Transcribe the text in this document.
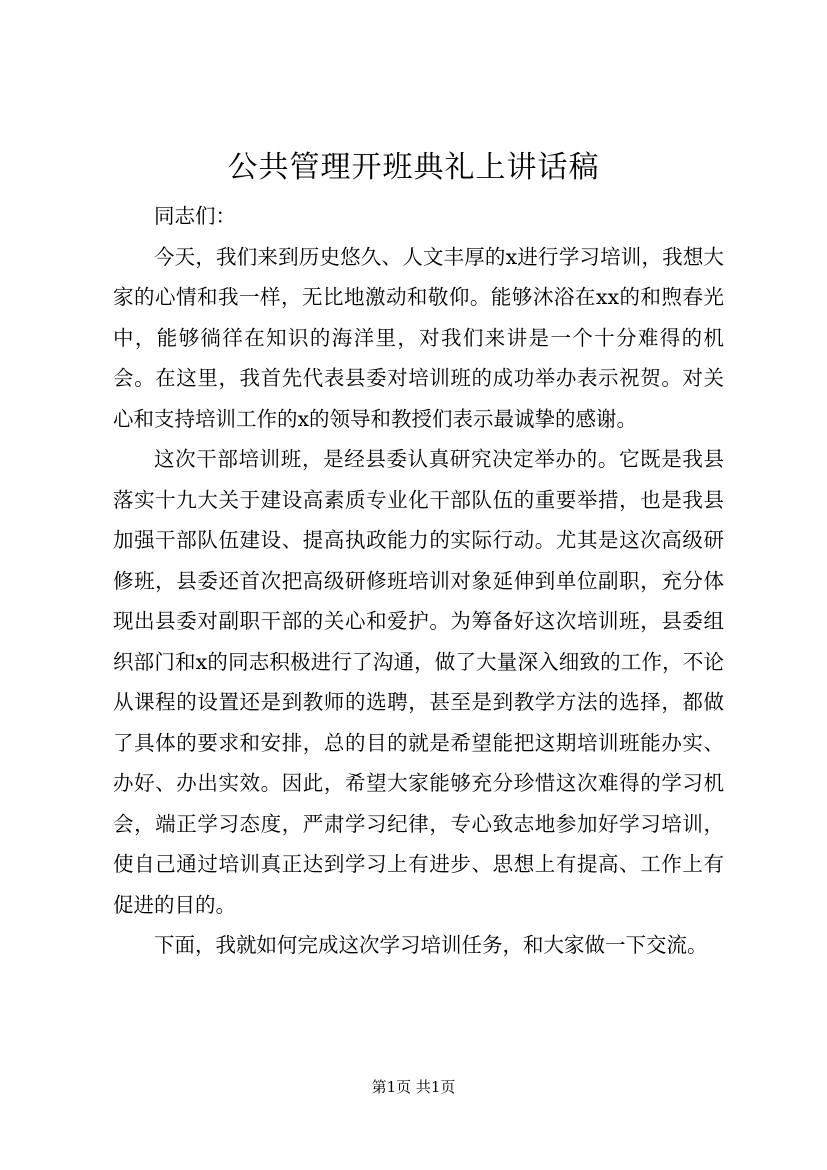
公共管理开班典礼上讲话稿

同志们：

今天，我们来到历史悠久、人文丰厚的x进行学习培训，我想大家的心情和我一样，无比地激动和敬仰。能够沐浴在xx的和煦春光中，能够徜徉在知识的海洋里，对我们来讲是一个十分难得的机会。在这里，我首先代表县委对培训班的成功举办表示祝贺。对关心和支持培训工作的x的领导和教授们表示最诚挚的感谢。

这次干部培训班，是经县委认真研究决定举办的。它既是我县落实十九大关于建设高素质专业化干部队伍的重要举措，也是我县加强干部队伍建设、提高执政能力的实际行动。尤其是这次高级研修班，县委还首次把高级研修班培训对象延伸到单位副职，充分体现出县委对副职干部的关心和爱护。为筹备好这次培训班，县委组织部门和x的同志积极进行了沟通，做了大量深入细致的工作，不论从课程的设置还是到教师的选聘，甚至是到教学方法的选择，都做了具体的要求和安排，总的目的就是希望能把这期培训班能办实、办好、办出实效。因此，希望大家能够充分珍惜这次难得的学习机会，端正学习态度，严肃学习纪律，专心致志地参加好学习培训，使自己通过培训真正达到学习上有进步、思想上有提高、工作上有促进的目的。

下面，我就如何完成这次学习培训任务，和大家做一下交流。

第1页 共1页
